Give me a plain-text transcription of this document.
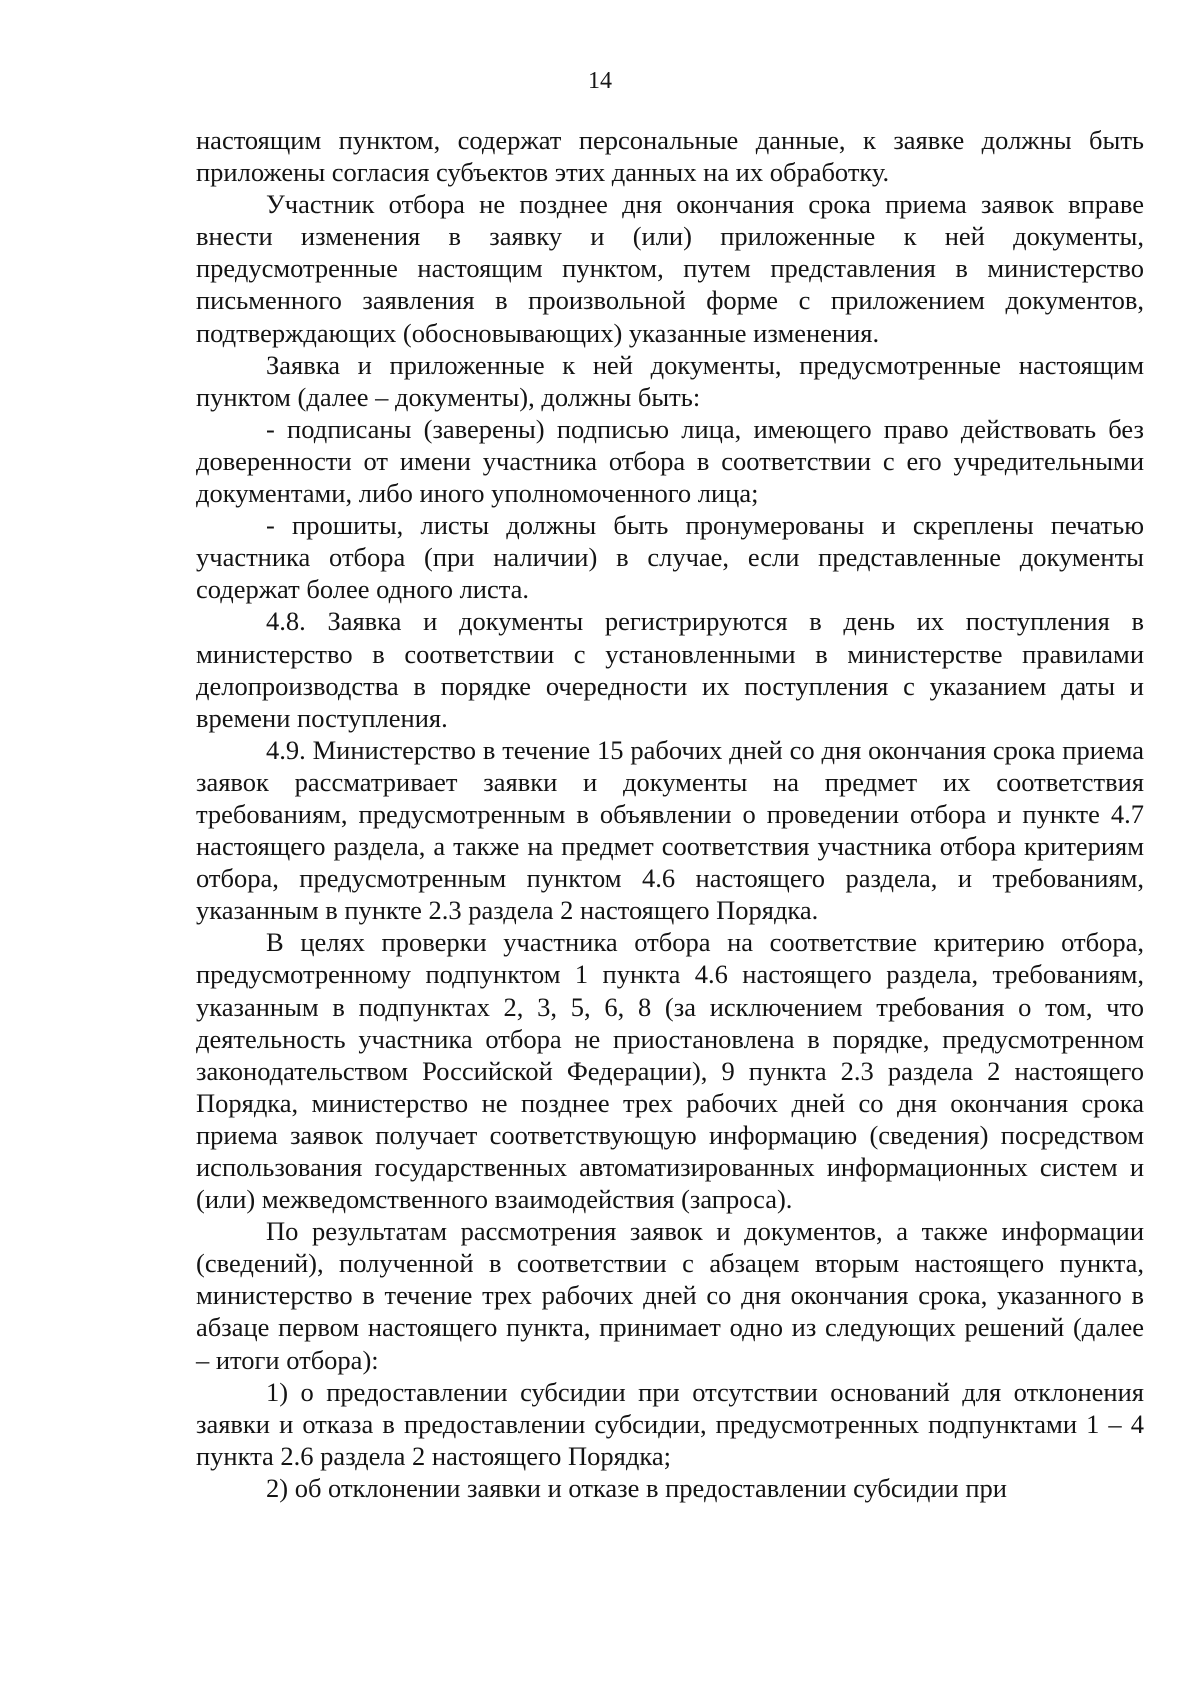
14

настоящим пунктом, содержат персональные данные, к заявке должны быть приложены согласия субъектов этих данных на их обработку.

Участник отбора не позднее дня окончания срока приема заявок вправе внести изменения в заявку и (или) приложенные к ней документы, предусмотренные настоящим пунктом, путем представления в министерство письменного заявления в произвольной форме с приложением документов, подтверждающих (обосновывающих) указанные изменения.

Заявка и приложенные к ней документы, предусмотренные настоящим пунктом (далее – документы), должны быть:

- подписаны (заверены) подписью лица, имеющего право действовать без доверенности от имени участника отбора в соответствии с его учредительными документами, либо иного уполномоченного лица;

- прошиты, листы должны быть пронумерованы и скреплены печатью участника отбора (при наличии) в случае, если представленные документы содержат более одного листа.

4.8. Заявка и документы регистрируются в день их поступления в министерство в соответствии с установленными в министерстве правилами делопроизводства в порядке очередности их поступления с указанием даты и времени поступления.

4.9. Министерство в течение 15 рабочих дней со дня окончания срока приема заявок рассматривает заявки и документы на предмет их соответствия требованиям, предусмотренным в объявлении о проведении отбора и пункте 4.7 настоящего раздела, а также на предмет соответствия участника отбора критериям отбора, предусмотренным пунктом 4.6 настоящего раздела, и требованиям, указанным в пункте 2.3 раздела 2 настоящего Порядка.

В целях проверки участника отбора на соответствие критерию отбора, предусмотренному подпунктом 1 пункта 4.6 настоящего раздела, требованиям, указанным в подпунктах 2, 3, 5, 6, 8 (за исключением требования о том, что деятельность участника отбора не приостановлена в порядке, предусмотренном законодательством Российской Федерации), 9 пункта 2.3 раздела 2 настоящего Порядка, министерство не позднее трех рабочих дней со дня окончания срока приема заявок получает соответствующую информацию (сведения) посредством использования государственных автоматизированных информационных систем и (или) межведомственного взаимодействия (запроса).

По результатам рассмотрения заявок и документов, а также информации (сведений), полученной в соответствии с абзацем вторым настоящего пункта, министерство в течение трех рабочих дней со дня окончания срока, указанного в абзаце первом настоящего пункта, принимает одно из следующих решений (далее – итоги отбора):

1) о предоставлении субсидии при отсутствии оснований для отклонения заявки и отказа в предоставлении субсидии, предусмотренных подпунктами 1 – 4 пункта 2.6 раздела 2 настоящего Порядка;

2) об отклонении заявки и отказе в предоставлении субсидии при
